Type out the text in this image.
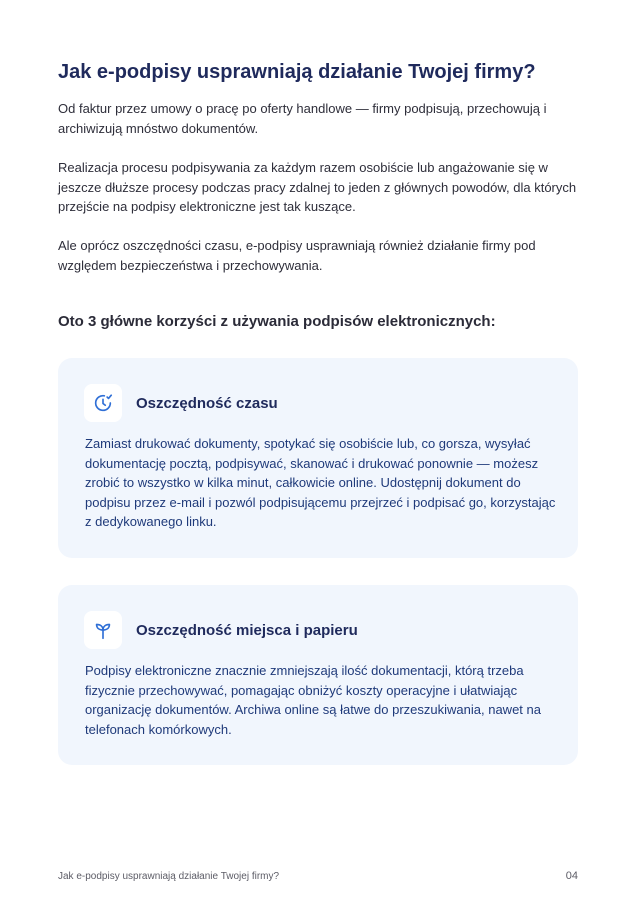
Jak e-podpisy usprawniają działanie Twojej firmy?

Od faktur przez umowy o pracę po oferty handlowe — firmy podpisują, przechowują i archiwizują mnóstwo dokumentów.

Realizacja procesu podpisywania za każdym razem osobiście lub angażowanie się w jeszcze dłuższe procesy podczas pracy zdalnej to jeden z głównych powodów, dla których przejście na podpisy elektroniczne jest tak kuszące.

Ale oprócz oszczędności czasu, e-podpisy usprawniają również działanie firmy pod względem bezpieczeństwa i przechowywania.

Oto 3 główne korzyści z używania podpisów elektronicznych:
Oszczędność czasu

Zamiast drukować dokumenty, spotykać się osobiście lub, co gorsza, wysyłać dokumentację pocztą, podpisywać, skanować i drukować ponownie — możesz zrobić to wszystko w kilka minut, całkowicie online. Udostępnij dokument do podpisu przez e-mail i pozwól podpisującemu przejrzeć i podpisać go, korzystając z dedykowanego linku.

Oszczędność miejsca i papieru

Podpisy elektroniczne znacznie zmniejszają ilość dokumentacji, którą trzeba fizycznie przechowywać, pomagając obniżyć koszty operacyjne i ułatwiając organizację dokumentów. Archiwa online są łatwe do przeszukiwania, nawet na telefonach komórkowych.

Jak e-podpisy usprawniają działanie Twojej firmy?	04
